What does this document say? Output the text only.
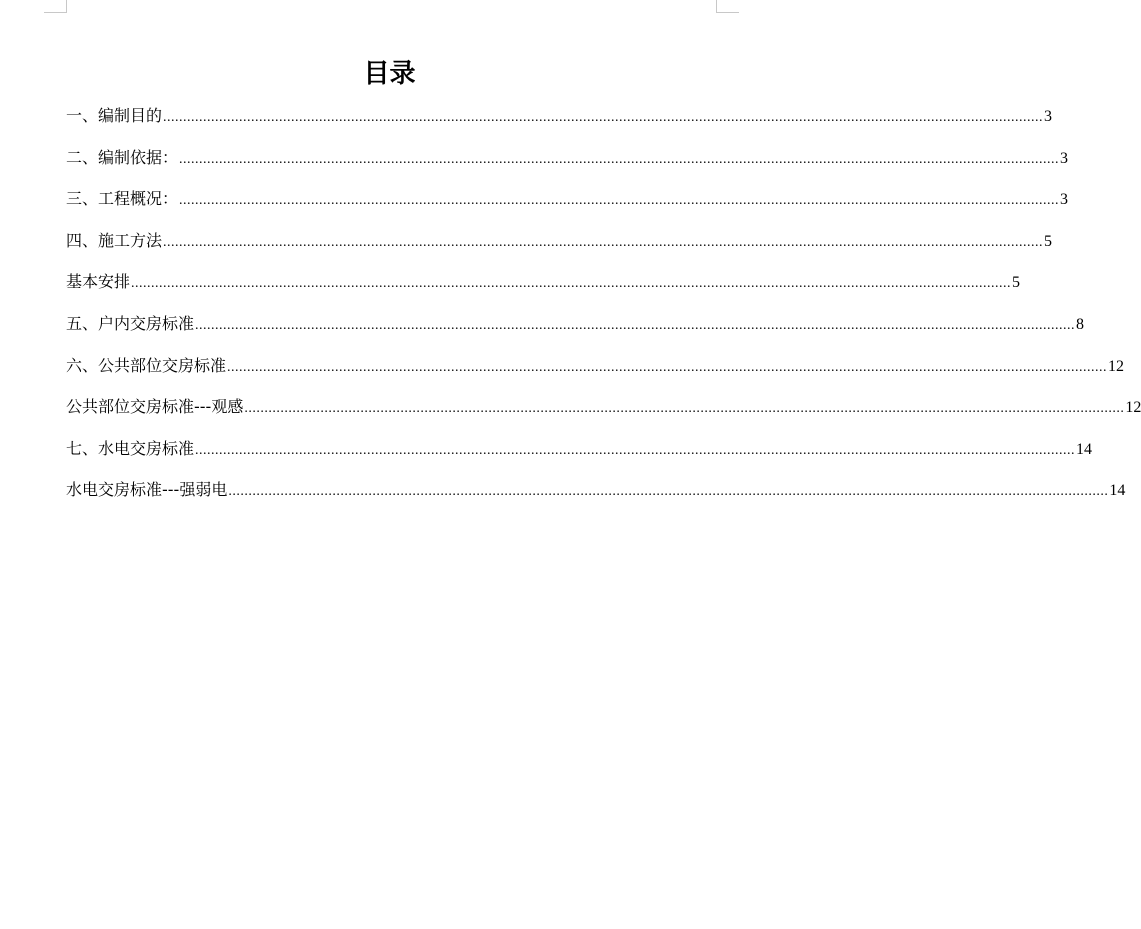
目录
一、编制目的 ............................................................................................................................................................................................................................ 3
二、编制依据： ............................................................................................................................................................................................................................ 3
三、工程概况： ............................................................................................................................................................................................................................ 3
四、施工方法 ............................................................................................................................................................................................................................ 5
基本安排 ............................................................................................................................................................................................................................ 5
五、户内交房标准 ............................................................................................................................................................................................................................ 8
六、公共部位交房标准 ............................................................................................................................................................................................................................ 12
公共部位交房标准---观感 ............................................................................................................................................................................................................................ 12
七、水电交房标准 ............................................................................................................................................................................................................................ 14
水电交房标准---强弱电 ............................................................................................................................................................................................................................ 14
